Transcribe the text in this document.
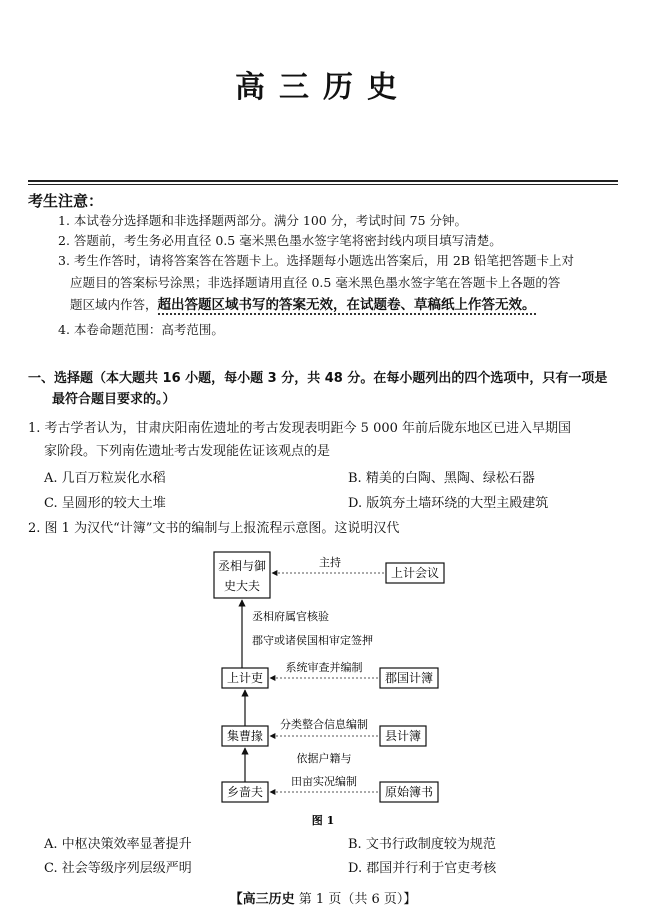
高三历史
考生注意：
1. 本试卷分选择题和非选择题两部分。满分 100 分，考试时间 75 分钟。
2. 答题前，考生务必用直径 0.5 毫米黑色墨水签字笔将密封线内项目填写清楚。
3. 考生作答时，请将答案答在答题卡上。选择题每小题选出答案后，用 2B 铅笔把答题卡上对
应题目的答案标号涂黑；非选择题请用直径 0.5 毫米黑色墨水签字笔在答题卡上各题的答
题区域内作答，超出答题区域书写的答案无效，在试题卷、草稿纸上作答无效。
4. 本卷命题范围：高考范围。
一、选择题（本大题共 16 小题，每小题 3 分，共 48 分。在每小题列出的四个选项中，只有一项是
最符合题目要求的。）
1. 考古学者认为，甘肃庆阳南佐遗址的考古发现表明距今 5 000 年前后陇东地区已进入早期国
家阶段。下列南佐遗址考古发现能佐证该观点的是
A. 几百万粒炭化水稻	B. 精美的白陶、黑陶、绿松石器
C. 呈圆形的较大土堆	D. 版筑夯土墙环绕的大型主殿建筑
2. 图 1 为汉代“计簿”文书的编制与上报流程示意图。这说明汉代
丞相与御
史大夫
上计会议
主持
丞相府属官核验
郡守或诸侯国相审定签押
上计吏	郡国计簿
系统审查并编制
集曹掾	县计簿
分类整合信息编制
乡啬夫	原始簿书
依据户籍与
田亩实况编制
图 1
A. 中枢决策效率显著提升	B. 文书行政制度较为规范
C. 社会等级序列层级严明	D. 郡国并行利于官吏考核
【高三历史 第 1 页（共 6 页）】
